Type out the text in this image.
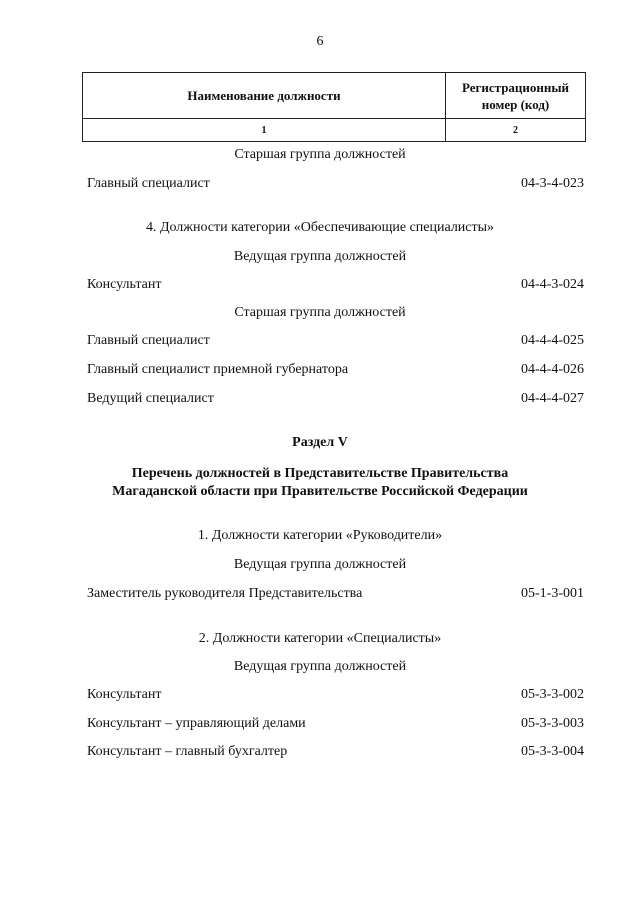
6
Наименование должности	Регистрационный
номер (код)
1	2
Старшая группа должностей
Главный специалист	04-3-4-023
4. Должности категории «Обеспечивающие специалисты»
Ведущая группа должностей
Консультант	04-4-3-024
Старшая группа должностей
Главный специалист	04-4-4-025
Главный специалист приемной губернатора	04-4-4-026
Ведущий специалист	04-4-4-027
Раздел V
Перечень должностей в Представительстве Правительства
Магаданской области при Правительстве Российской Федерации
1. Должности категории «Руководители»
Ведущая группа должностей
Заместитель руководителя Представительства	05-1-3-001
2. Должности категории «Специалисты»
Ведущая группа должностей
Консультант	05-3-3-002
Консультант – управляющий делами	05-3-3-003
Консультант – главный бухгалтер	05-3-3-004
